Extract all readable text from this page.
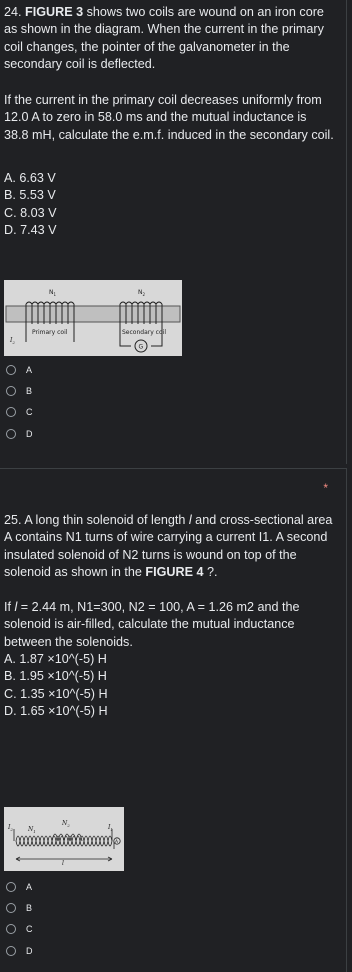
24. FIGURE 3 shows two coils are wound on an iron core as shown in the diagram. When the current in the primary coil changes, the pointer of the galvanometer in the secondary coil is deflected.

If the current in the primary coil decreases uniformly from 12.0 A to zero in 58.0 ms and the mutual inductance is 38.8 mH, calculate the e.m.f. induced in the secondary coil.

A. 6.63 V
B. 5.53 V
C. 8.03 V
D. 7.43 V

$N_1$	$N_2$
Primary coil	Secondary coil
$I_2$
G
A
B
C
D
*

25. A long thin solenoid of length l and cross-sectional area A contains N1 turns of wire carrying a current I1. A second insulated solenoid of N2 turns is wound on top of the solenoid as shown in the FIGURE 4 ?.

If l = 2.44 m, N1=300, N2 = 100, A = 1.26 m2 and the solenoid is air-filled, calculate the mutual inductance between the solenoids.

A. 1.87 ×10^(-5) H
B. 1.95 ×10^(-5) H
C. 1.35 ×10^(-5) H
D. 1.65 ×10^(-5) H

$I_2$	$N_1$
$N_2$	$I_1$
l
A
A
B
C
D
